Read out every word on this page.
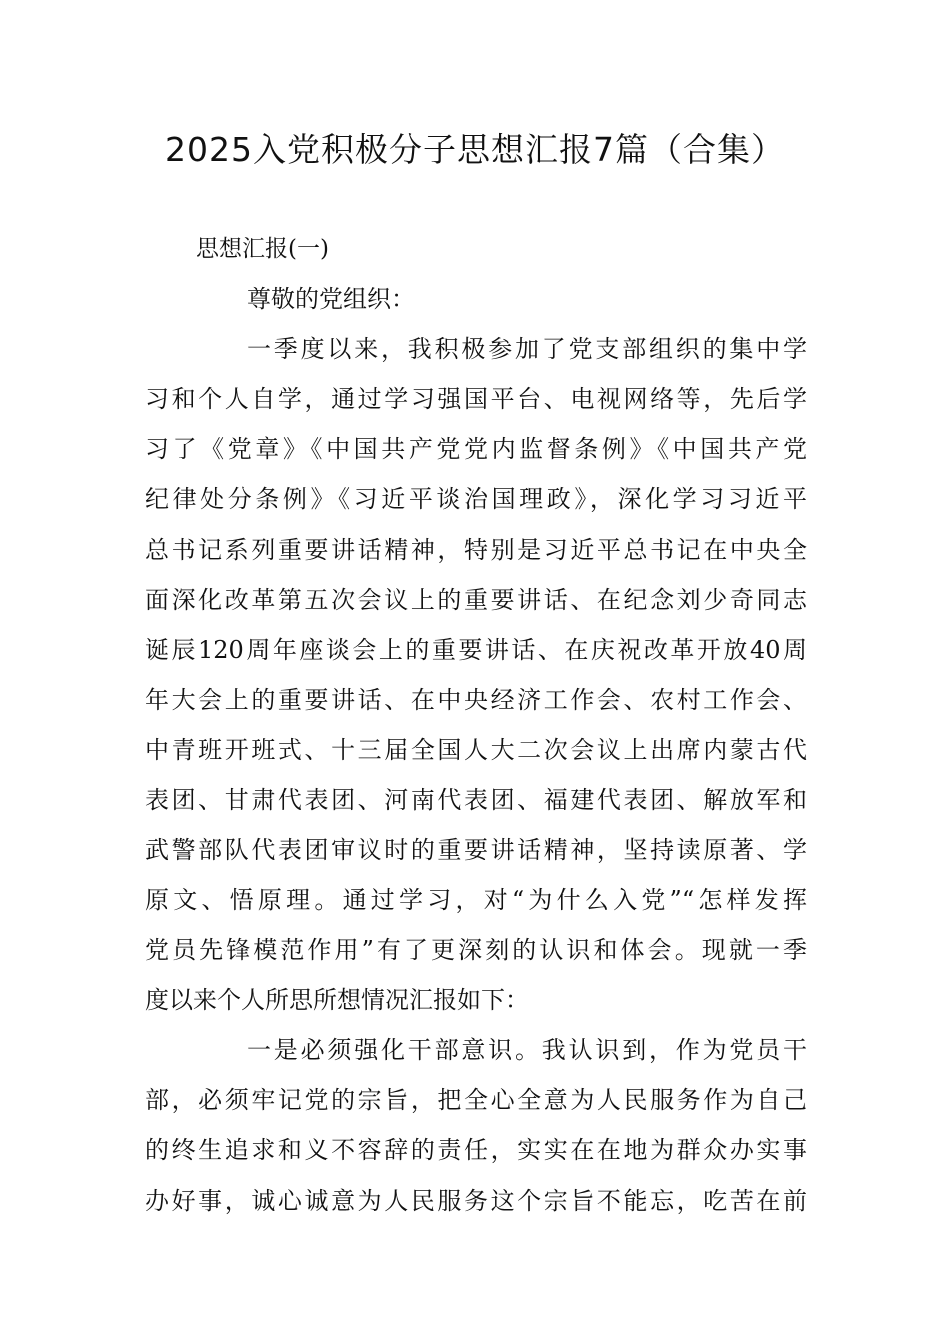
2025入党积极分子思想汇报7篇（合集）
思想汇报(一)

尊敬的党组织：

一季度以来，我积极参加了党支部组织的集中学

习和个人自学，通过学习强国平台、电视网络等，先后学

习了《党章》《中国共产党党内监督条例》《中国共产党

纪律处分条例》《习近平谈治国理政》，深化学习习近平

总书记系列重要讲话精神，特别是习近平总书记在中央全

面深化改革第五次会议上的重要讲话、在纪念刘少奇同志

诞辰120周年座谈会上的重要讲话、在庆祝改革开放40周

年大会上的重要讲话、在中央经济工作会、农村工作会、

中青班开班式、十三届全国人大二次会议上出席内蒙古代

表团、甘肃代表团、河南代表团、福建代表团、解放军和

武警部队代表团审议时的重要讲话精神，坚持读原著、学

原文、悟原理。通过学习，对“为什么入党”“怎样发挥

党员先锋模范作用”有了更深刻的认识和体会。现就一季

度以来个人所思所想情况汇报如下：

一是必须强化干部意识。我认识到，作为党员干

部，必须牢记党的宗旨，把全心全意为人民服务作为自己

的终生追求和义不容辞的责任，实实在在地为群众办实事

办好事，诚心诚意为人民服务这个宗旨不能忘，吃苦在前
